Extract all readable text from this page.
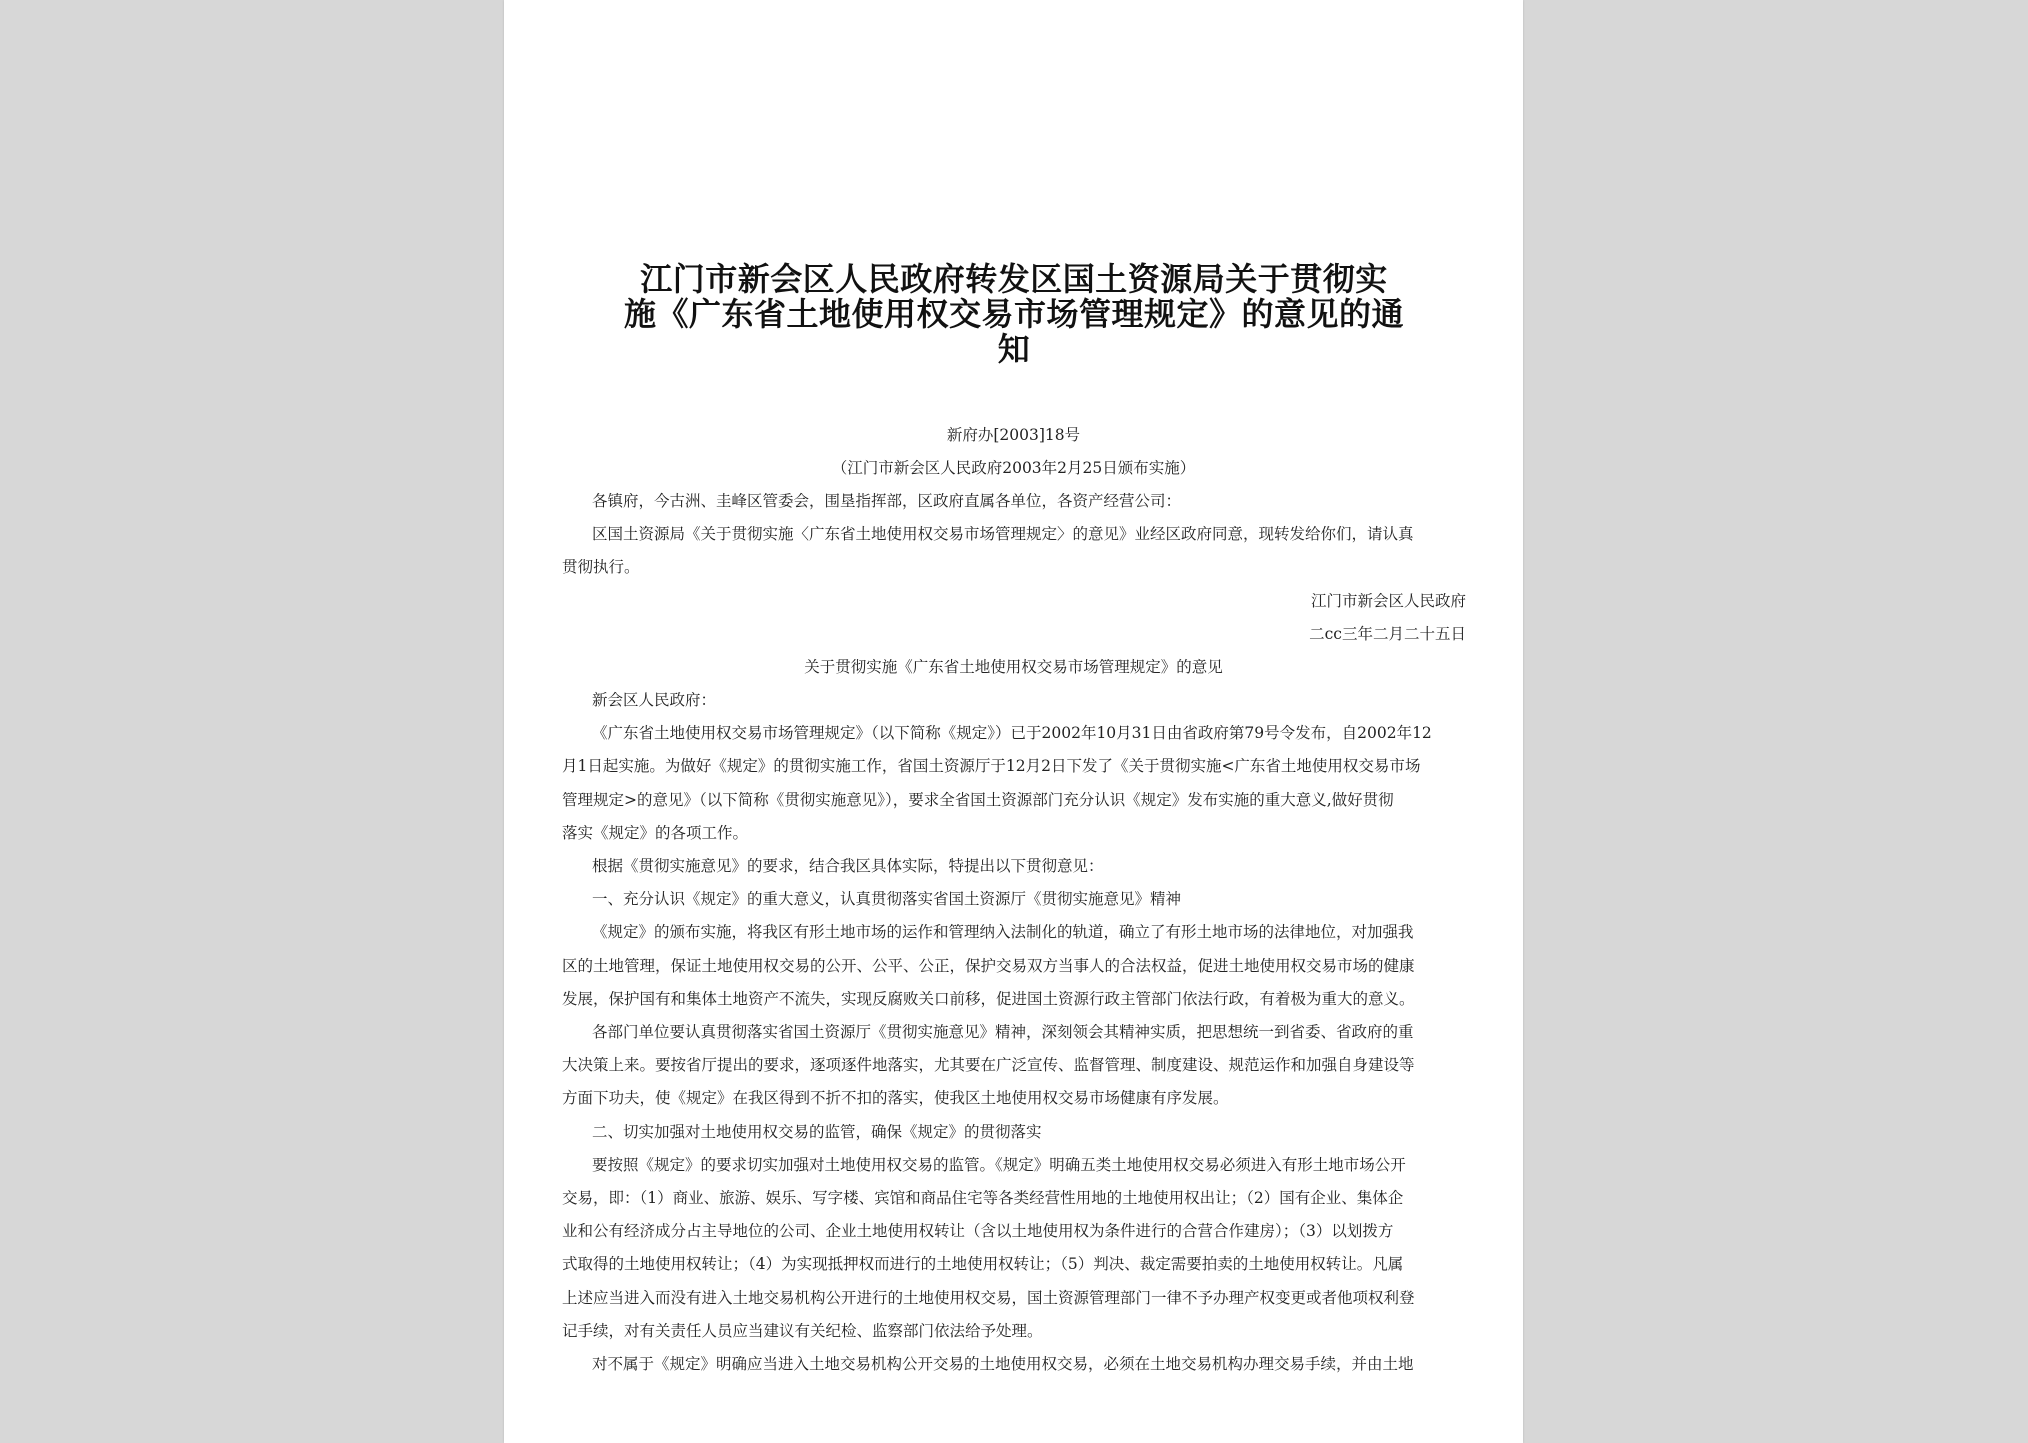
江门市新会区人民政府转发区国土资源局关于贯彻实
施《广东省土地使用权交易市场管理规定》的意见的通
知
新府办[2003]18号
（江门市新会区人民政府2003年2月25日颁布实施）
各镇府，今古洲、圭峰区管委会，围垦指挥部，区政府直属各单位，各资产经营公司：
区国土资源局《关于贯彻实施〈广东省土地使用权交易市场管理规定〉的意见》业经区政府同意，现转发给你们，请认真
贯彻执行。
江门市新会区人民政府
二cc三年二月二十五日
关于贯彻实施《广东省土地使用权交易市场管理规定》的意见
新会区人民政府：
《广东省土地使用权交易市场管理规定》（以下简称《规定》）已于2002年10月31日由省政府第79号令发布，自2002年12
月1日起实施。为做好《规定》的贯彻实施工作，省国土资源厅于12月2日下发了《关于贯彻实施<广东省土地使用权交易市场
管理规定>的意见》（以下简称《贯彻实施意见》），要求全省国土资源部门充分认识《规定》发布实施的重大意义,做好贯彻
落实《规定》的各项工作。
根据《贯彻实施意见》的要求，结合我区具体实际，特提出以下贯彻意见：
一、充分认识《规定》的重大意义，认真贯彻落实省国土资源厅《贯彻实施意见》精神
《规定》的颁布实施，将我区有形土地市场的运作和管理纳入法制化的轨道，确立了有形土地市场的法律地位，对加强我
区的土地管理，保证土地使用权交易的公开、公平、公正，保护交易双方当事人的合法权益，促进土地使用权交易市场的健康
发展，保护国有和集体土地资产不流失，实现反腐败关口前移，促进国土资源行政主管部门依法行政，有着极为重大的意义。
各部门单位要认真贯彻落实省国土资源厅《贯彻实施意见》精神，深刻领会其精神实质，把思想统一到省委、省政府的重
大决策上来。要按省厅提出的要求，逐项逐件地落实，尤其要在广泛宣传、监督管理、制度建设、规范运作和加强自身建设等
方面下功夫，使《规定》在我区得到不折不扣的落实，使我区土地使用权交易市场健康有序发展。
二、切实加强对土地使用权交易的监管，确保《规定》的贯彻落实
要按照《规定》的要求切实加强对土地使用权交易的监管。《规定》明确五类土地使用权交易必须进入有形土地市场公开
交易，即：（1）商业、旅游、娱乐、写字楼、宾馆和商品住宅等各类经营性用地的土地使用权出让；（2）国有企业、集体企
业和公有经济成分占主导地位的公司、企业土地使用权转让（含以土地使用权为条件进行的合营合作建房）；（3）以划拨方
式取得的土地使用权转让；（4）为实现抵押权而进行的土地使用权转让；（5）判决、裁定需要拍卖的土地使用权转让。凡属
上述应当进入而没有进入土地交易机构公开进行的土地使用权交易，国土资源管理部门一律不予办理产权变更或者他项权利登
记手续，对有关责任人员应当建议有关纪检、监察部门依法给予处理。
对不属于《规定》明确应当进入土地交易机构公开交易的土地使用权交易，必须在土地交易机构办理交易手续，并由土地
